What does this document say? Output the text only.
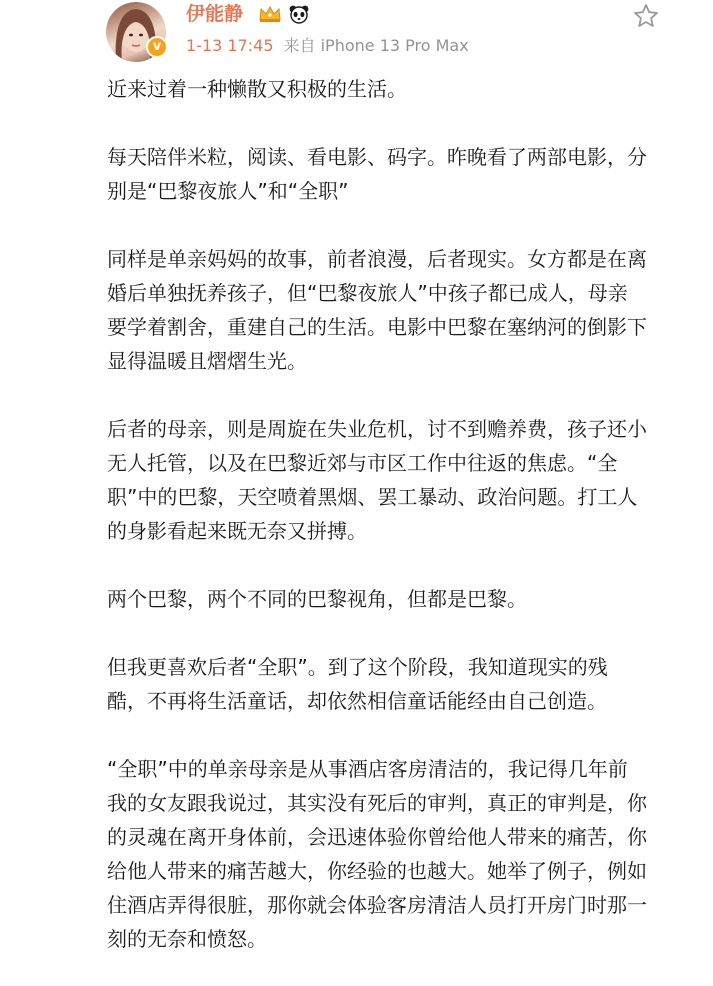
v
伊能静
1-13 17:45 来自 iPhone 13 Pro Max

近来过着一种懒散又积极的生活。

每天陪伴米粒，阅读、看电影、码字。昨晚看了两部电影，分别是“巴黎夜旅人”和“全职”

同样是单亲妈妈的故事，前者浪漫，后者现实。女方都是在离婚后单独抚养孩子，但“巴黎夜旅人”中孩子都已成人，母亲要学着割舍，重建自己的生活。电影中巴黎在塞纳河的倒影下显得温暖且熠熠生光。

后者的母亲，则是周旋在失业危机，讨不到赡养费，孩子还小无人托管，以及在巴黎近郊与市区工作中往返的焦虑。“全职”中的巴黎，天空喷着黑烟、罢工暴动、政治问题。打工人的身影看起来既无奈又拼搏。

两个巴黎，两个不同的巴黎视角，但都是巴黎。

但我更喜欢后者“全职”。到了这个阶段，我知道现实的残酷，不再将生活童话，却依然相信童话能经由自己创造。

“全职”中的单亲母亲是从事酒店客房清洁的，我记得几年前我的女友跟我说过，其实没有死后的审判，真正的审判是，你的灵魂在离开身体前，会迅速体验你曾给他人带来的痛苦，你给他人带来的痛苦越大，你经验的也越大。她举了例子，例如住酒店弄得很脏，那你就会体验客房清洁人员打开房门时那一刻的无奈和愤怒。
